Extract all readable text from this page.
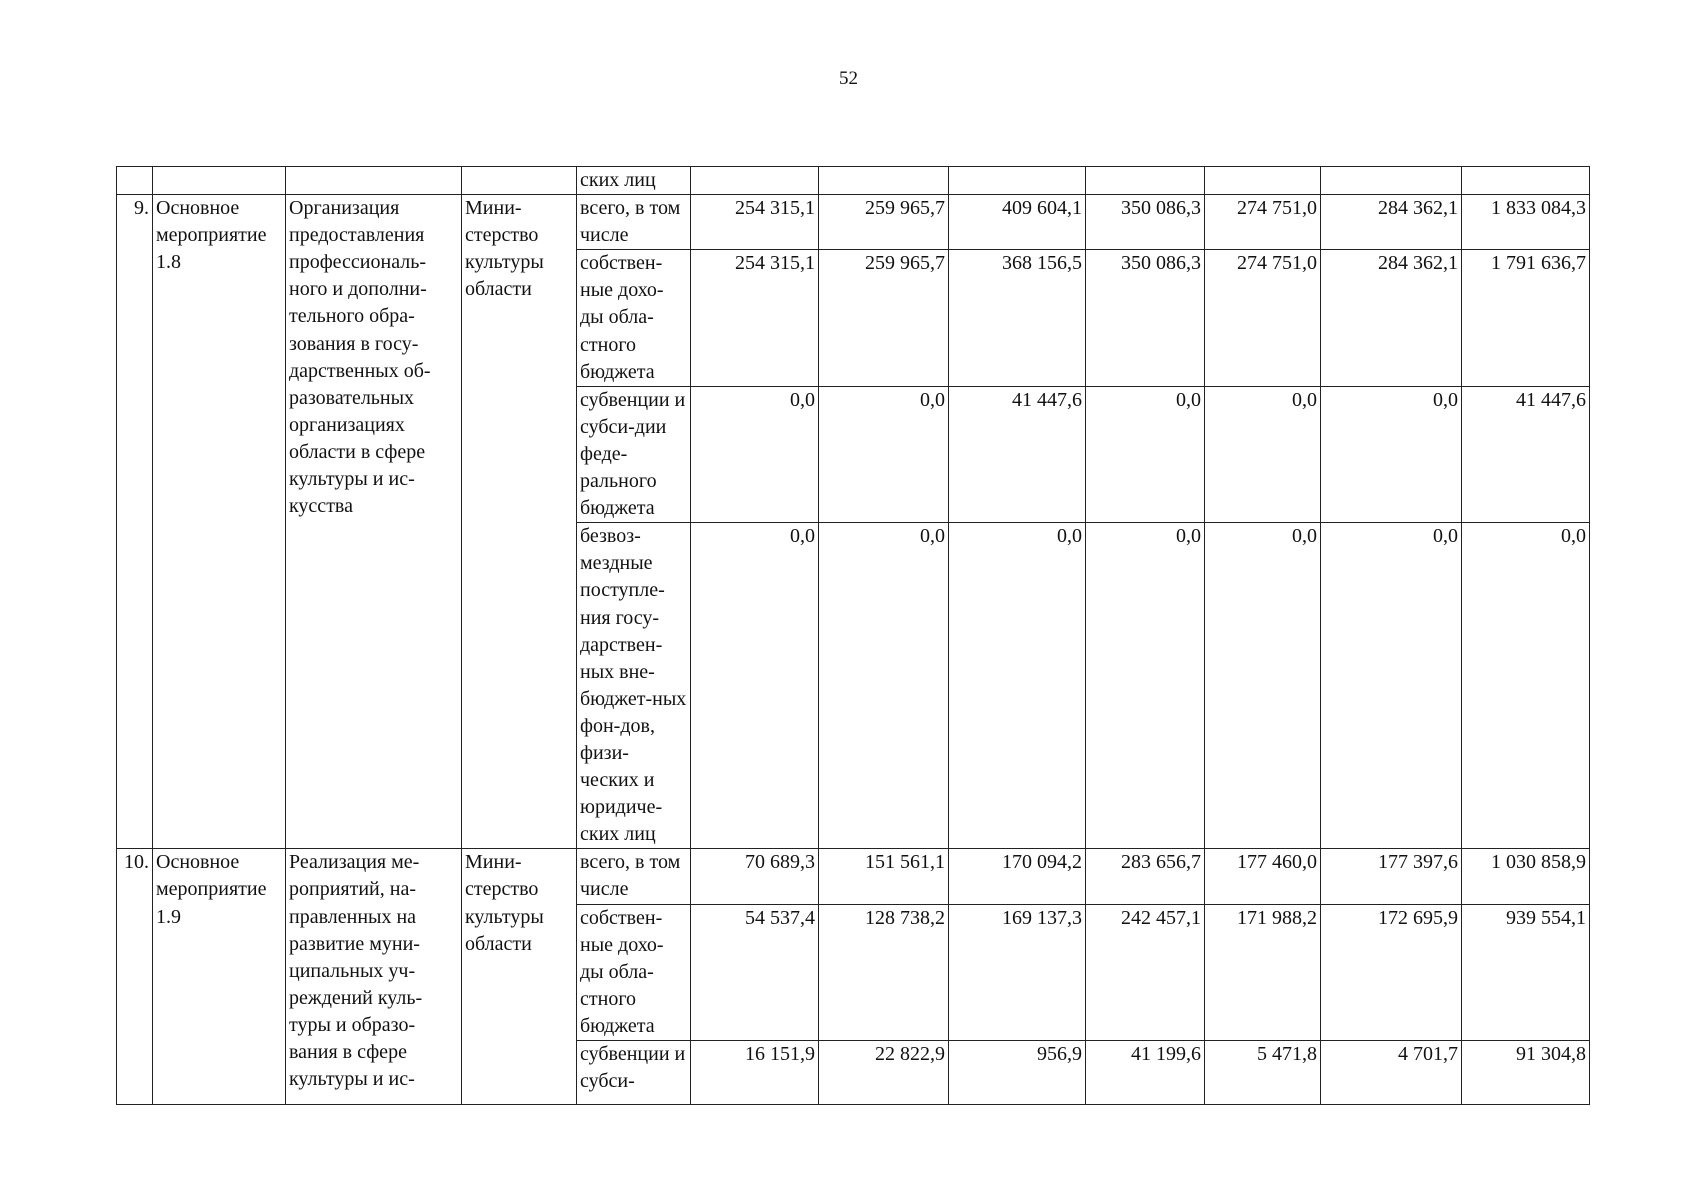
52
				ских лиц							
9.	Основное мероприятие 1.8	Организация предоставления профессиональ-ного и дополни-тельного обра-зования в госу-дарственных об-разовательных организациях области в сфере культуры и ис-кусства	Мини-стерство культуры области	всего, в том числе	254 315,1	259 965,7	409 604,1	350 086,3	274 751,0	284 362,1	1 833 084,3
				собствен-ные дохо-ды обла-стного бюджета	254 315,1	259 965,7	368 156,5	350 086,3	274 751,0	284 362,1	1 791 636,7
				субвенции и субси-дии феде-рального бюджета	0,0	0,0	41 447,6	0,0	0,0	0,0	41 447,6
				безвоз-мездные поступле-ния госу-дарствен-ных вне-бюджет-ных фон-дов, физи-ческих и юридиче-ских лиц	0,0	0,0	0,0	0,0	0,0	0,0	0,0
10.	Основное мероприятие 1.9	Реализация ме-роприятий, на-правленных на развитие муни-ципальных уч-реждений куль-туры и образо-вания в сфере культуры и ис-	Мини-стерство культуры области	всего, в том числе	70 689,3	151 561,1	170 094,2	283 656,7	177 460,0	177 397,6	1 030 858,9
				собствен-ные дохо-ды обла-стного бюджета	54 537,4	128 738,2	169 137,3	242 457,1	171 988,2	172 695,9	939 554,1
				субвенции и субси-	16 151,9	22 822,9	956,9	41 199,6	5 471,8	4 701,7	91 304,8
